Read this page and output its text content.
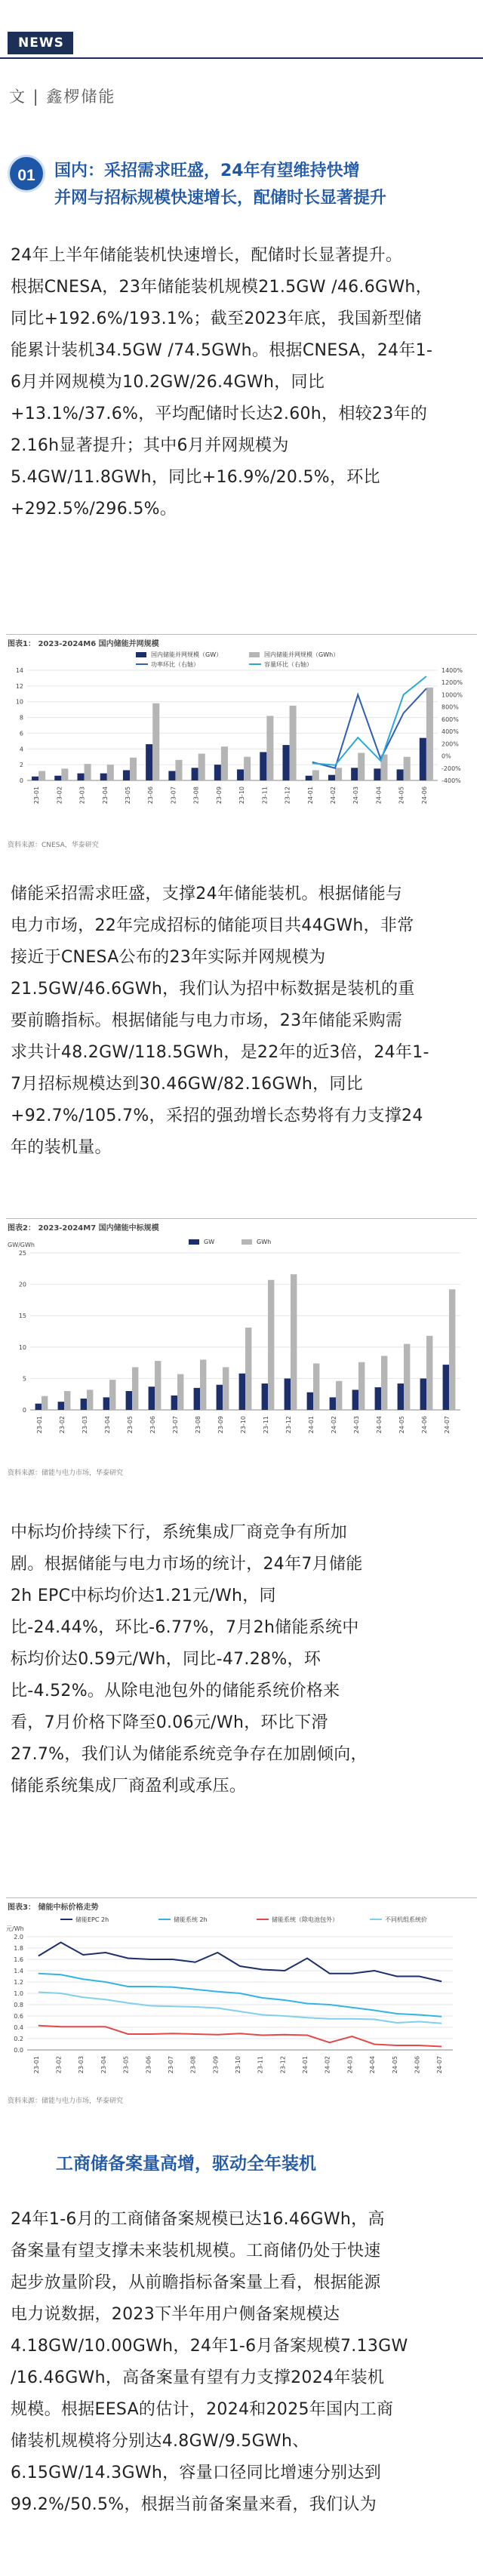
NEWS
文 | 鑫椤储能
01	国内：采招需求旺盛，24年有望维持快增
并网与招标规模快速增长，配储时长显著提升
24年上半年储能装机快速增长，配储时长显著提升。
根据CNESA，23年储能装机规模21.5GW /46.6GWh，
同比+192.6%/193.1%；截至2023年底，我国新型储
能累计装机34.5GW /74.5GWh。根据CNESA，24年1-
6月并网规模为10.2GW/26.4GWh，同比
+13.1%/37.6%，平均配储时长达2.60h，相较23年的
2.16h显著提升；其中6月并网规模为
5.4GW/11.8GWh，同比+16.9%/20.5%，环比
+292.5%/296.5%。
图表1： 2023-2024M6 国内储能并网规模
0
2
4
6
8
10
12
14
-400%
-200%
0%
200%
400%
600%
800%
1000%
1200%
1400%
国内储能并网规模（GW）	国内储能并网规模（GWh）
功率环比（右轴）	容量环比（右轴）
23-01	23-02	23-03	23-04	23-05	23-06	23-07	23-08	23-09	23-10	23-11	23-12	24-01	24-02	24-03	24-04	24-05	24-06
资料来源：CNESA，华泰研究
储能采招需求旺盛，支撑24年储能装机。根据储能与
电力市场，22年完成招标的储能项目共44GWh，非常
接近于CNESA公布的23年实际并网规模为
21.5GW/46.6GWh，我们认为招中标数据是装机的重
要前瞻指标。根据储能与电力市场，23年储能采购需
求共计48.2GW/118.5GWh，是22年的近3倍，24年1-
7月招标规模达到30.46GW/82.16GWh，同比
+92.7%/105.7%，采招的强劲增长态势将有力支撑24
年的装机量。
图表2： 2023-2024M7 国内储能中标规模
0
5
10
15
20
25
GW/GWh	GW	GWh
23-01	23-02	23-03	23-04	23-05	23-06	23-07	23-08	23-09	23-10	23-11	23-12	24-01	24-02	24-03	24-04	24-05	24-06	24-07
资料来源：储能与电力市场，华泰研究
中标均价持续下行，系统集成厂商竞争有所加
剧。根据储能与电力市场的统计，24年7月储能
2h EPC中标均价达1.21元/Wh，同
比-24.44%，环比-6.77%，7月2h储能系统中
标均价达0.59元/Wh，同比-47.28%，环
比-4.52%。从除电池包外的储能系统价格来
看，7月价格下降至0.06元/Wh，环比下滑
27.7%，我们认为储能系统竞争存在加剧倾向，
储能系统集成厂商盈利或承压。
图表3： 储能中标价格走势
0.0
0.2
0.4
0.6
0.8
1.0
1.2
1.4
1.6
1.8
2.0
元/Wh
储能EPC 2h	储能系统 2h	储能系统（除电池包外）	不同机组系统价
23-01	23-02	23-03	23-04	23-05	23-06	23-07	23-08	23-09	23-10	23-11	23-12	24-01	24-02	24-03	24-04	24-05	24-06	24-07
资料来源：储能与电力市场，华泰研究
工商储备案量高增，驱动全年装机
24年1-6月的工商储备案规模已达16.46GWh，高
备案量有望支撑未来装机规模。工商储仍处于快速
起步放量阶段，从前瞻指标备案量上看，根据能源
电力说数据，2023下半年用户侧备案规模达
4.18GW/10.00GWh，24年1-6月备案规模7.13GW
/16.46GWh，高备案量有望有力支撑2024年装机
规模。根据EESA的估计，2024和2025年国内工商
储装机规模将分别达4.8GW/9.5GWh、
6.15GW/14.3GWh，容量口径同比增速分别达到
99.2%/50.5%，根据当前备案量来看，我们认为
